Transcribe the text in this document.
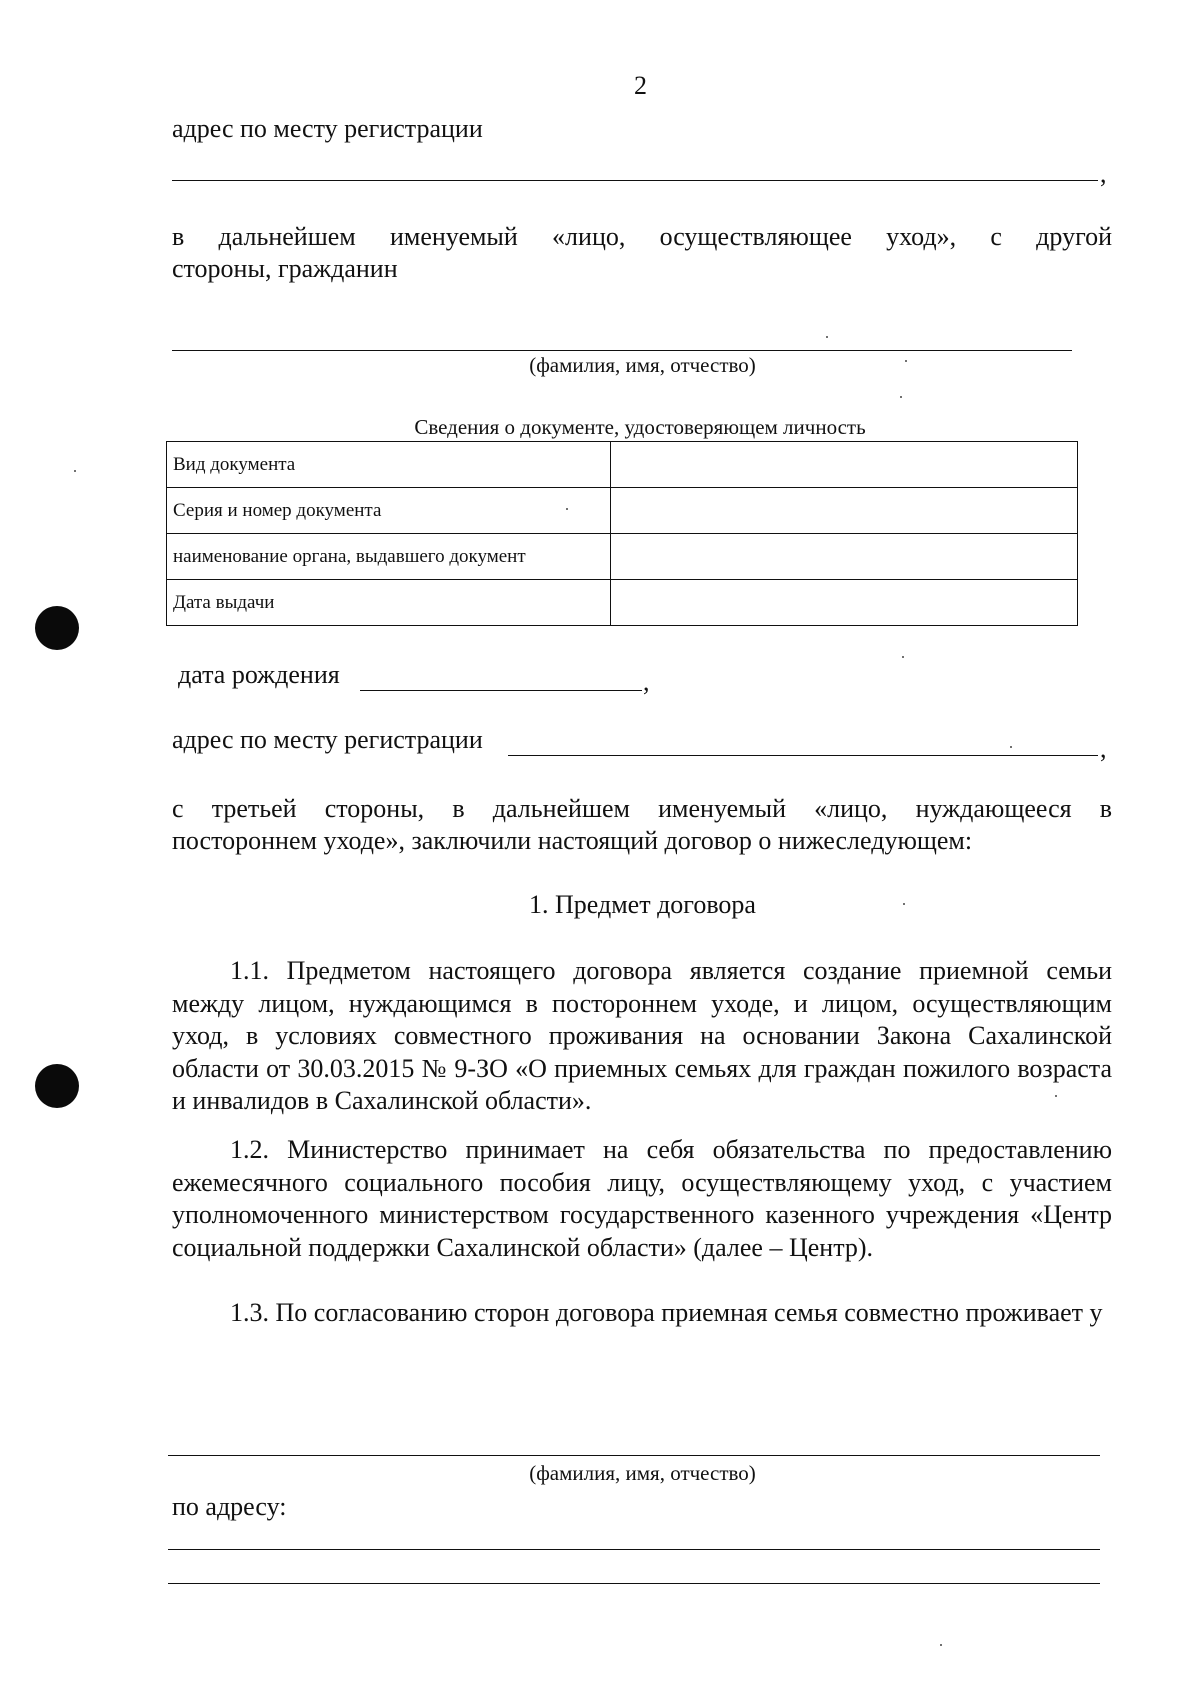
2
адрес по месту регистрации
,
в дальнейшем именуемый «лицо, осуществляющее уход», с другой
стороны, гражданин
(фамилия, имя, отчество)
Сведения о документе, удостоверяющем личность
Вид документа	
Серия и номер документа	
наименование органа, выдавшего документ	
Дата выдачи	
дата рождения	,
адрес по месту регистрации	,
с третьей стороны, в дальнейшем именуемый «лицо, нуждающееся в
постороннем уходе», заключили настоящий договор о нижеследующем:
1. Предмет договора
1.1. Предметом настоящего договора является создание приемной семьи между лицом, нуждающимся в постороннем уходе, и лицом, осуществляющим уход, в условиях совместного проживания на основании Закона Сахалинской области от 30.03.2015 № 9-ЗО «О приемных семьях для граждан пожилого возраста и инвалидов в Сахалинской области».
1.2. Министерство принимает на себя обязательства по предоставлению ежемесячного социального пособия лицу, осуществляющему уход, с участием уполномоченного министерством государственного казенного учреждения «Центр социальной поддержки Сахалинской области» (далее – Центр).
1.3. По согласованию сторон договора приемная семья совместно проживает у
(фамилия, имя, отчество)
по адресу:
